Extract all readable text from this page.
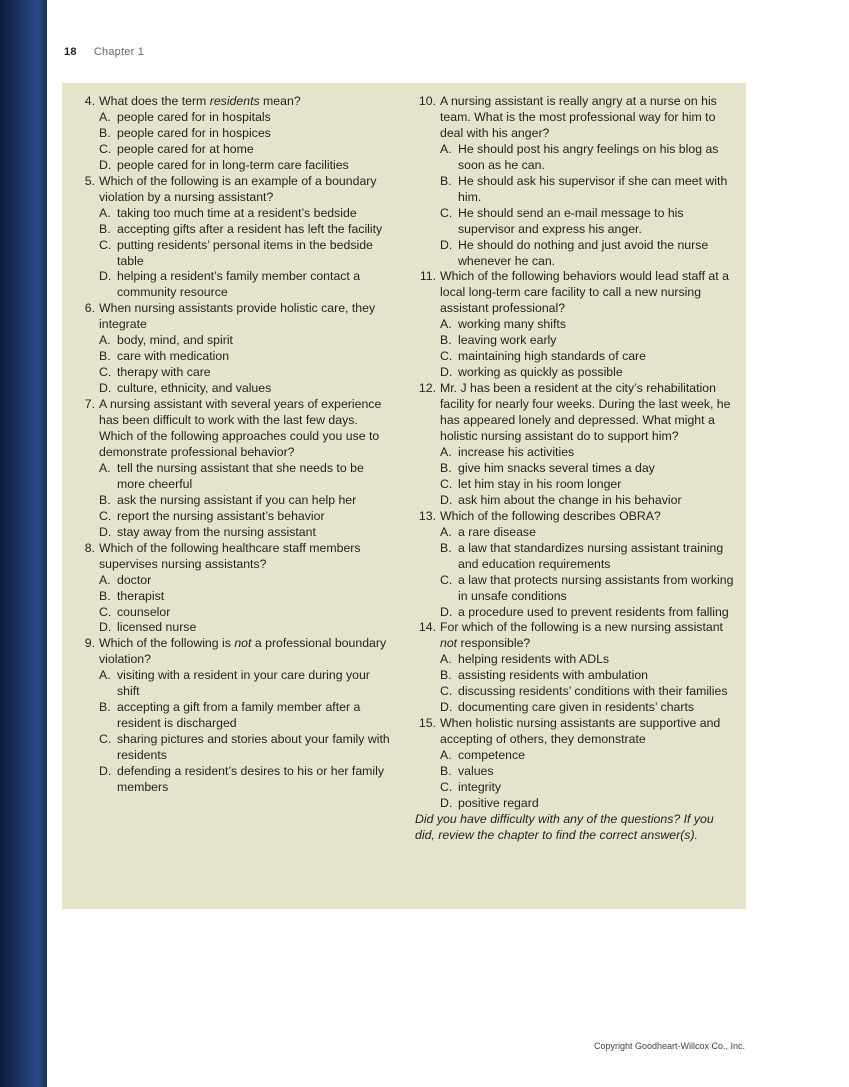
18 Chapter 1
4. What does the term residents mean?
A. people cared for in hospitals
B. people cared for in hospices
C. people cared for at home
D. people cared for in long-term care facilities
5. Which of the following is an example of a boundary violation by a nursing assistant?
A. taking too much time at a resident’s bedside
B. accepting gifts after a resident has left the facility
C. putting residents’ personal items in the bedside table
D. helping a resident’s family member contact a community resource
6. When nursing assistants provide holistic care, they integrate
A. body, mind, and spirit
B. care with medication
C. therapy with care
D. culture, ethnicity, and values
7. A nursing assistant with several years of experience has been difficult to work with the last few days. Which of the following approaches could you use to demonstrate professional behavior?
A. tell the nursing assistant that she needs to be more cheerful
B. ask the nursing assistant if you can help her
C. report the nursing assistant’s behavior
D. stay away from the nursing assistant
8. Which of the following healthcare staff members supervises nursing assistants?
A. doctor
B. therapist
C. counselor
D. licensed nurse
9. Which of the following is not a professional boundary violation?
A. visiting with a resident in your care during your shift
B. accepting a gift from a family member after a resident is discharged
C. sharing pictures and stories about your family with residents
D. defending a resident’s desires to his or her family members
10. A nursing assistant is really angry at a nurse on his team. What is the most professional way for him to deal with his anger?
A. He should post his angry feelings on his blog as soon as he can.
B. He should ask his supervisor if she can meet with him.
C. He should send an e-mail message to his supervisor and express his anger.
D. He should do nothing and just avoid the nurse whenever he can.
11. Which of the following behaviors would lead staff at a local long-term care facility to call a new nursing assistant professional?
A. working many shifts
B. leaving work early
C. maintaining high standards of care
D. working as quickly as possible
12. Mr. J has been a resident at the city’s rehabilitation facility for nearly four weeks. During the last week, he has appeared lonely and depressed. What might a holistic nursing assistant do to support him?
A. increase his activities
B. give him snacks several times a day
C. let him stay in his room longer
D. ask him about the change in his behavior
13. Which of the following describes OBRA?
A. a rare disease
B. a law that standardizes nursing assistant training and education requirements
C. a law that protects nursing assistants from working in unsafe conditions
D. a procedure used to prevent residents from falling
14. For which of the following is a new nursing assistant not responsible?
A. helping residents with ADLs
B. assisting residents with ambulation
C. discussing residents’ conditions with their families
D. documenting care given in residents’ charts
15. When holistic nursing assistants are supportive and accepting of others, they demonstrate
A. competence
B. values
C. integrity
D. positive regard
Did you have difficulty with any of the questions? If you did, review the chapter to find the correct answer(s).
Copyright Goodheart-Willcox Co., Inc.
